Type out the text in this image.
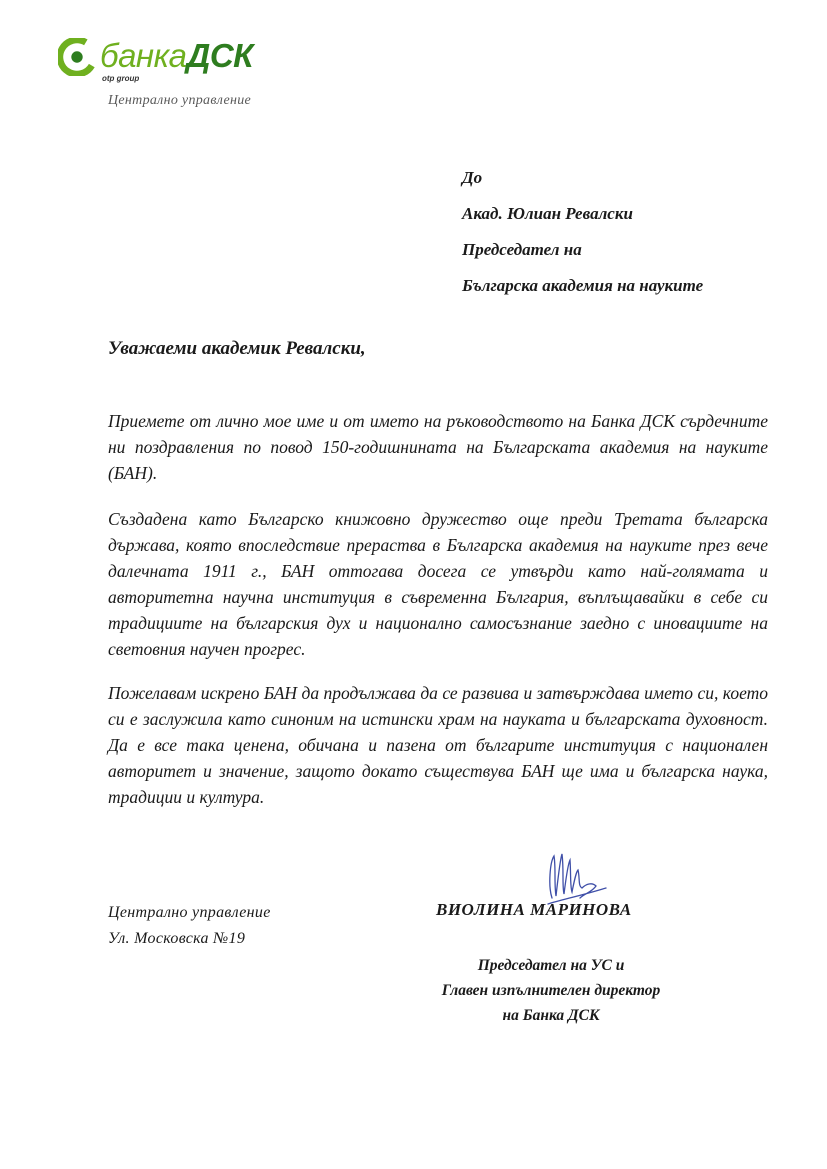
банкаДСК
otp group
Централно управление
До
Акад. Юлиан Ревалски
Председател на
Българска академия на науките
Уважаеми академик Ревалски,
Приемете от лично мое име и от името на ръководството на Банка ДСК сърдечните ни поздравления по повод 150-годишнината на Българската академия на науките (БАН).
Създадена като Българско книжовно дружество още преди Третата българска държава, която впоследствие прераства в Българска академия на науките през вече далечната 1911 г., БАН оттогава досега се утвърди като най-голямата и авторитетна научна институция в съвременна България, въплъщавайки в себе си традициите на българския дух и национално самосъзнание заедно с иновациите на световния научен прогрес.
Пожелавам искрено БАН да продължава да се развива и затвърждава името си, което си е заслужила като синоним на истински храм на науката и българската духовност. Да е все така ценена, обичана и пазена от българите институция с национален авторитет и значение, защото докато съществува БАН ще има и българска наука, традиции и култура.
Централно управление
Ул. Московска №19
ВИОЛИНА МАРИНОВА
Председател на УС и
Главен изпълнителен директор
на Банка ДСК
